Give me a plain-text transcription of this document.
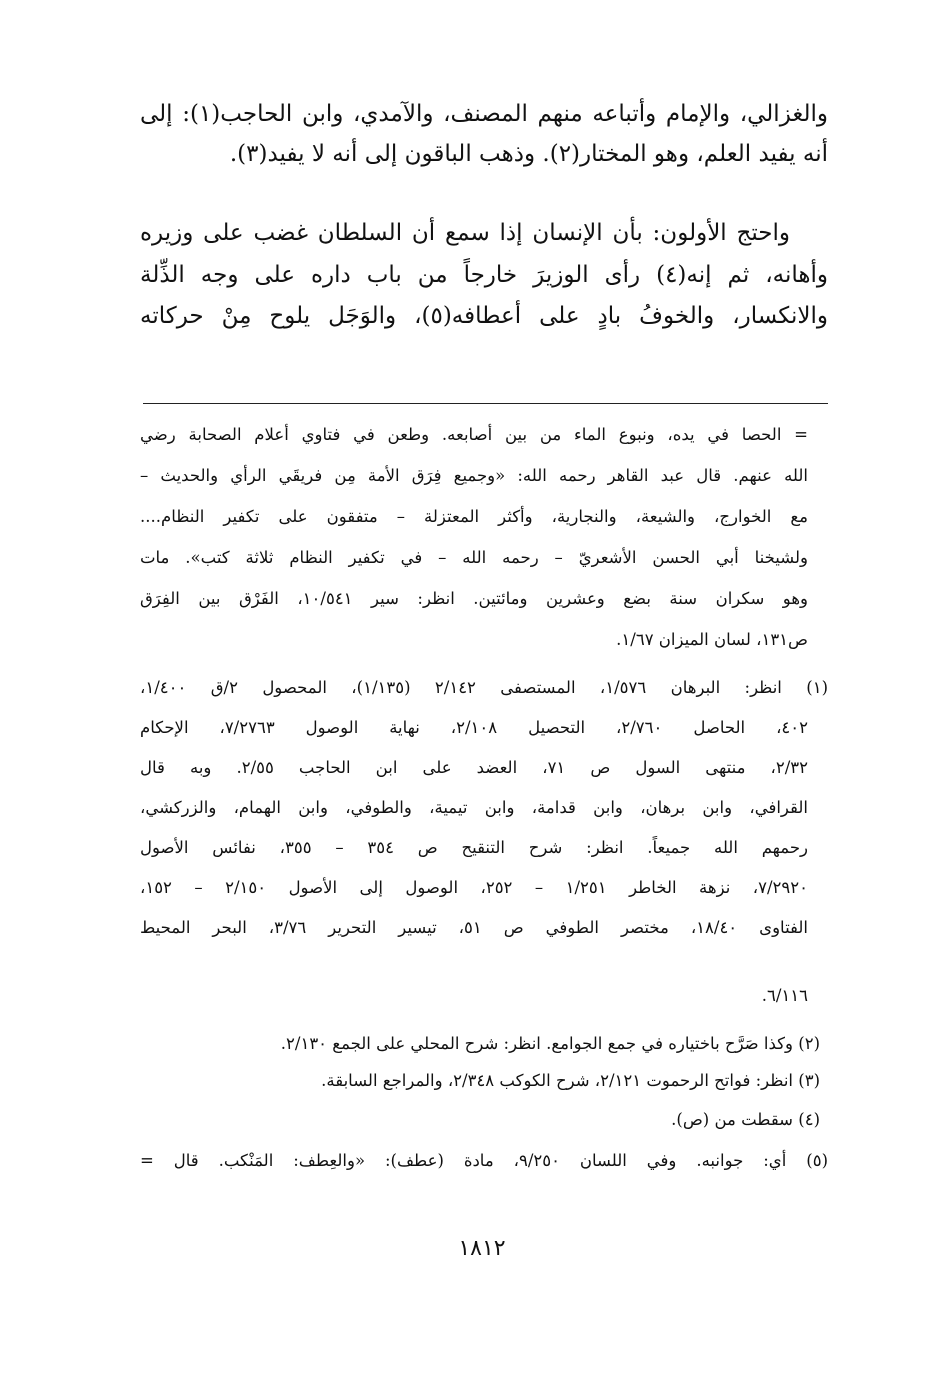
والغزالي، والإمام وأتباعه منهم المصنف، والآمدي، وابن الحاجب(١): إلى
أنه يفيد العلم، وهو المختار(٢). وذهب الباقون إلى أنه لا يفيد(٣).
واحتج الأولون: بأن الإنسان إذا سمع أن السلطان غضب على وزيره
وأهانه، ثم إنه(٤) رأى الوزيرَ خارجاً من باب داره على وجه الذِّلة
والانكسار، والخوفُ بادٍ على أعطافه(٥)، والوَجَل يلوح مِنْ حركاته
= الحصا في يده، ونبوع الماء من بين أصابعه. وطعن في فتاوي أعلام الصحابة رضي
الله عنهم. قال عبد القاهر رحمه الله: «وجميع فِرَق الأمة مِن فريقَي الرأي والحديث –
مع الخوارج، والشيعة، والنجارية، وأكثر المعتزلة – متفقون على تكفير النظام....
ولشيخنا أبي الحسن الأشعريّ – رحمه الله – في تكفير النظام ثلاثة كتب». مات
وهو سكران سنة بضع وعشرين ومائتين. انظر: سير ١٠/٥٤١، الفَرْق بين الفِرَق
ص١٣١، لسان الميزان ١/٦٧.
(١) انظر: البرهان ١/٥٧٦، المستصفى ٢/١٤٢ (١/١٣٥)، المحصول ٢/ق ١/٤٠٠،
٤٠٢، الحاصل ٢/٧٦٠، التحصيل ٢/١٠٨، نهاية الوصول ٧/٢٧٦٣، الإحكام
٢/٣٢، منتهى السول ص ٧١، العضد على ابن الحاجب ٢/٥٥. وبه قال
القرافي، وابن برهان، وابن قدامة، وابن تيمية، والطوفي، وابن الهمام، والزركشي،
رحمهم الله جميعاً. انظر: شرح التنقيح ص ٣٥٤ – ٣٥٥، نفائس الأصول
٧/٢٩٢٠، نزهة الخاطر ١/٢٥١ – ٢٥٢، الوصول إلى الأصول ٢/١٥٠ – ١٥٢،
الفتاوى ١٨/٤٠، مختصر الطوفي ص ٥١، تيسير التحرير ٣/٧٦، البحر المحيط
٦/١١٦.
(٢) وكذا صَرَّح باختياره في جمع الجوامع. انظر: شرح المحلي على الجمع ٢/١٣٠.
(٣) انظر: فواتح الرحموت ٢/١٢١، شرح الكوكب ٢/٣٤٨، والمراجع السابقة.
(٤) سقطت من (ص).
(٥) أي: جوانبه. وفي اللسان ٩/٢٥٠، مادة (عطف): «والعِطف: المَنْكب. قال =
١٨١٢
